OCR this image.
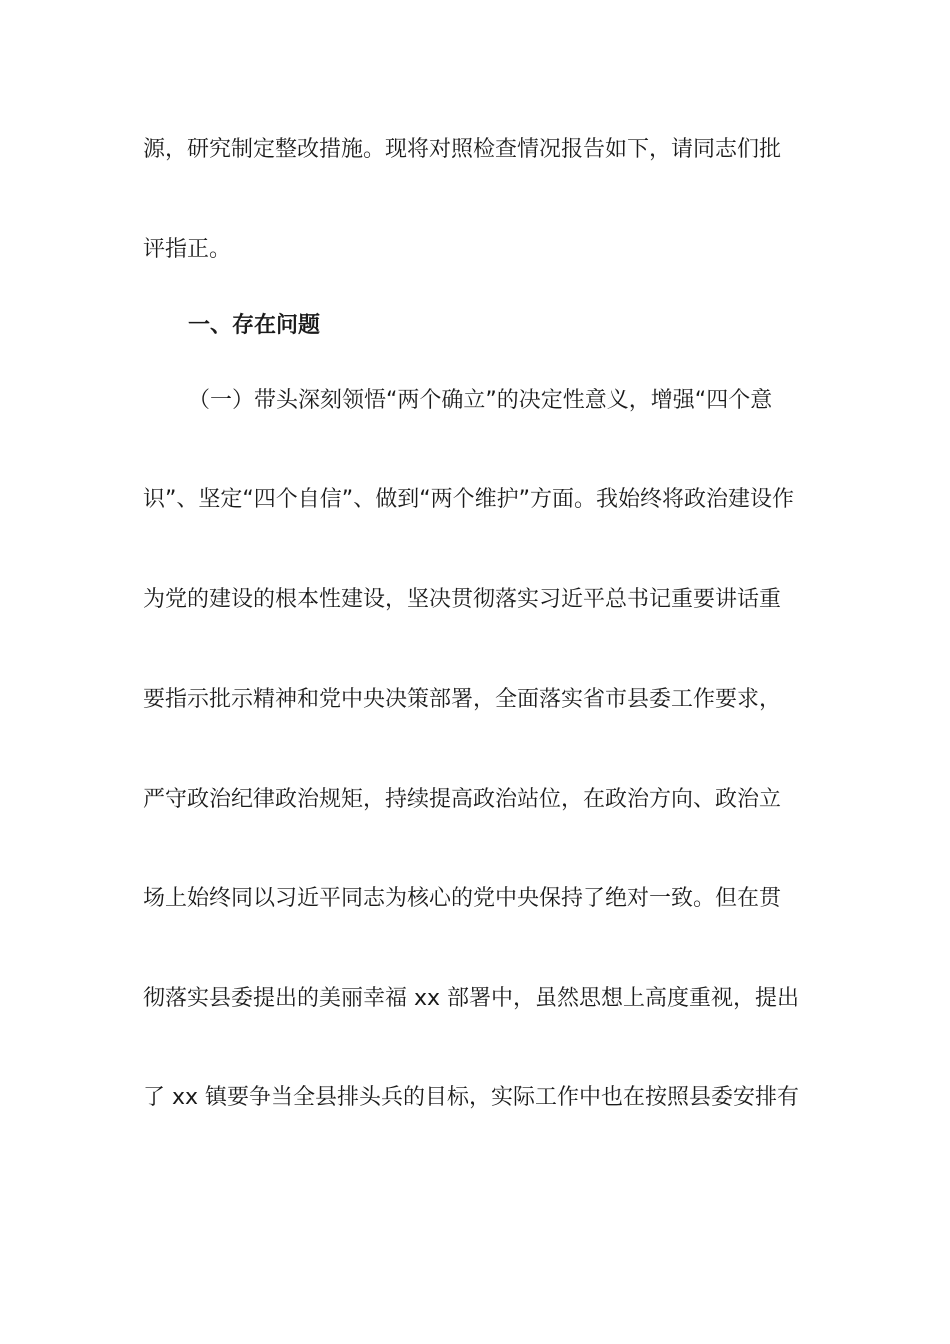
源，研究制定整改措施。现将对照检查情况报告如下，请同志们批
评指正。
一、存在问题
（一）带头深刻领悟“两个确立”的决定性意义，增强“四个意
识”、坚定“四个自信”、做到“两个维护”方面。我始终将政治建设作
为党的建设的根本性建设，坚决贯彻落实习近平总书记重要讲话重
要指示批示精神和党中央决策部署，全面落实省市县委工作要求，
严守政治纪律政治规矩，持续提高政治站位，在政治方向、政治立
场上始终同以习近平同志为核心的党中央保持了绝对一致。但在贯
彻落实县委提出的美丽幸福 xx 部署中，虽然思想上高度重视，提出
了 xx 镇要争当全县排头兵的目标，实际工作中也在按照县委安排有
